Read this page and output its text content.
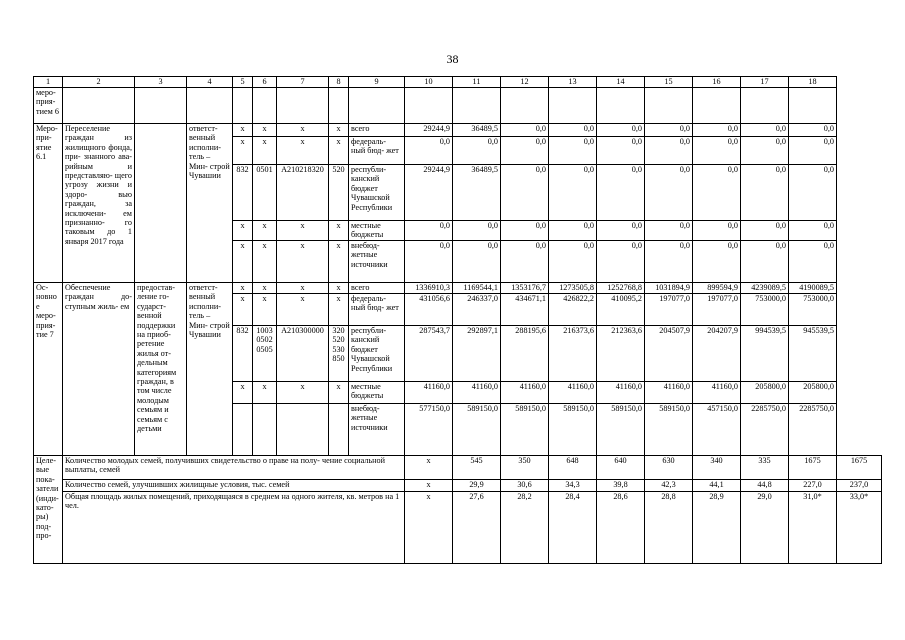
38
1	2	3	4	5	6	7	8	9	10	11	12	13	14	15	16	17	18	
меро- прия- тием 6																		
Меро- при- ятие 6.1	Переселение граждан из жилищного фонда, при- знанного ава- рийным и представляю- щего угрозу жизни и здоро- вью граждан, за исключени- ем признанно- го таковым до 1 января 2017 года		ответст- венный исполни- тель – Мин- строй Чувашии	x	x	x	x	всего	29244,9	36489,5	0,0	0,0	0,0	0,0	0,0	0,0	0,0	
				x	x	x	x	федераль- ный бюд- жет	0,0	0,0	0,0	0,0	0,0	0,0	0,0	0,0	0,0	
				832	0501	A210218320	520	республи- канский бюджет Чувашской Республики	29244,9	36489,5	0,0	0,0	0,0	0,0	0,0	0,0	0,0	
				x	x	x	x	местные бюджеты	0,0	0,0	0,0	0,0	0,0	0,0	0,0	0,0	0,0	
				x	x	x	x	внебюд- жетные источники	0,0	0,0	0,0	0,0	0,0	0,0	0,0	0,0	0,0	
Ос- новное меро- прия- тие 7	Обеспечение граждан до- ступным жиль- ем	предостав- ление го- сударст- венной поддержки на приоб- ретение жилья от- дельным категориям граждан, в том числе молодым семьям и семьям с детьми	ответст- венный исполни- тель – Мин- строй Чувашии	x	x	x	x	всего	1336910,3	1169544,1	1353176,7	1273505,8	1252768,8	1031894,9	899594,9	4239089,5	4190089,5	
				x	x	x	x	федераль- ный бюд- жет	431056,6	246337,0	434671,1	426822,2	410095,2	197077,0	197077,0	753000,0	753000,0	
				832	1003 0502 0505	A210300000	320 520 530 850	республи- канский бюджет Чувашской Республики	287543,7	292897,1	288195,6	216373,6	212363,6	204507,9	204207,9	994539,5	945539,5	
				x	x	x	x	местные бюджеты	41160,0	41160,0	41160,0	41160,0	41160,0	41160,0	41160,0	205800,0	205800,0	
								внебюд- жетные источники	577150,0	589150,0	589150,0	589150,0	589150,0	589150,0	457150,0	2285750,0	2285750,0	
Целе- вые пока- затели (инди- като- ры) под- про-	Количество молодых семей, получивших свидетельство о праве на полу- чение социальной выплаты, семей								x	545	350	648	640	630	340	335	1675	1675
	Количество семей, улучшивших жилищные условия, тыс. семей								x	29,9	30,6	34,3	39,8	42,3	44,1	44,8	227,0	237,0
	Общая площадь жилых помещений, приходящаяся в среднем на одного жителя, кв. метров на 1 чел.								x	27,6	28,2	28,4	28,6	28,8	28,9	29,0	31,0*	33,0*
